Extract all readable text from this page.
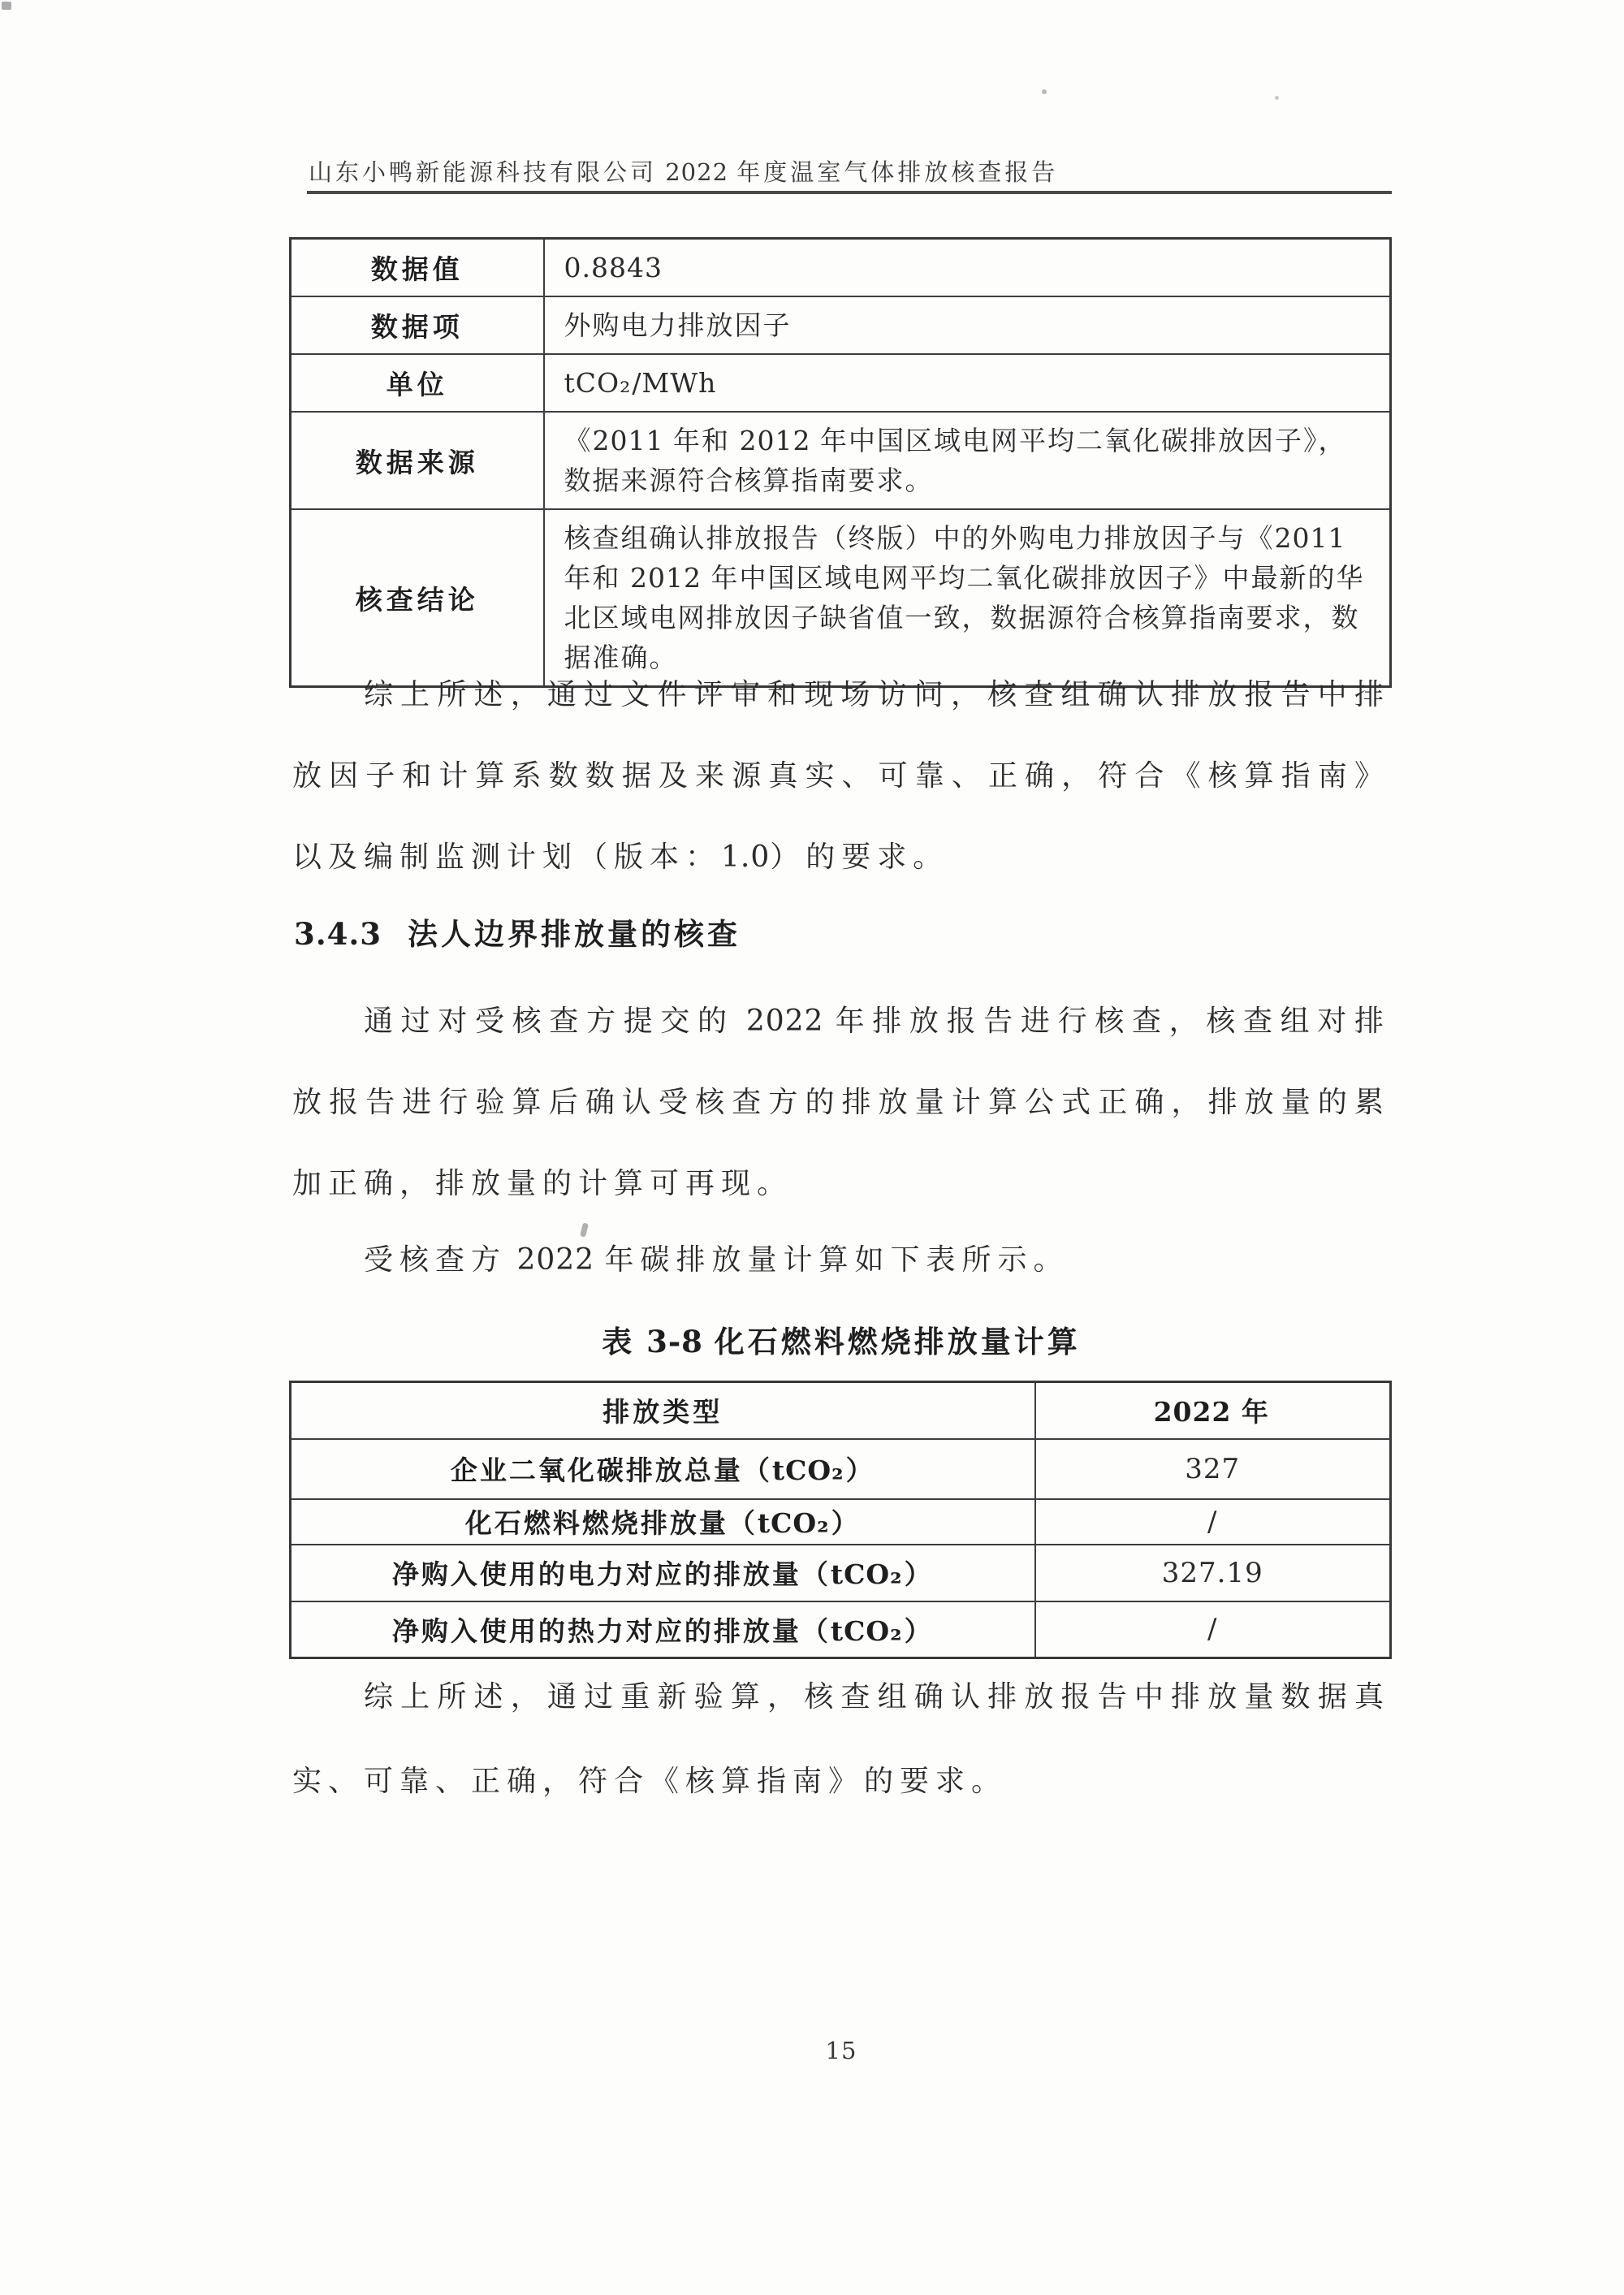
山东小鸭新能源科技有限公司 2022 年度温室气体排放核查报告
数据值	0.8843
数据项	外购电力排放因子
单位	tCO₂/MWh
数据来源	《2011 年和 2012 年中国区域电网平均二氧化碳排放因子》，数据来源符合核算指南要求。
核查结论	核查组确认排放报告（终版）中的外购电力排放因子与《2011 年和 2012 年中国区域电网平均二氧化碳排放因子》中最新的华北区域电网排放因子缺省值一致，数据源符合核算指南要求，数据准确。

综上所述，通过文件评审和现场访问，核查组确认排放报告中排放因子和计算系数数据及来源真实、可靠、正确，符合《核算指南》以及编制监测计划（版本：1.0）的要求。

3.4.3 法人边界排放量的核查

通过对受核查方提交的 2022 年排放报告进行核查，核查组对排放报告进行验算后确认受核查方的排放量计算公式正确，排放量的累加正确，排放量的计算可再现。

受核查方 2022 年碳排放量计算如下表所示。

表 3-8 化石燃料燃烧排放量计算
排放类型	2022 年
企业二氧化碳排放总量（tCO₂）	327
化石燃料燃烧排放量（tCO₂）	/
净购入使用的电力对应的排放量（tCO₂）	327.19
净购入使用的热力对应的排放量（tCO₂）	/

综上所述，通过重新验算，核查组确认排放报告中排放量数据真实、可靠、正确，符合《核算指南》的要求。

15
